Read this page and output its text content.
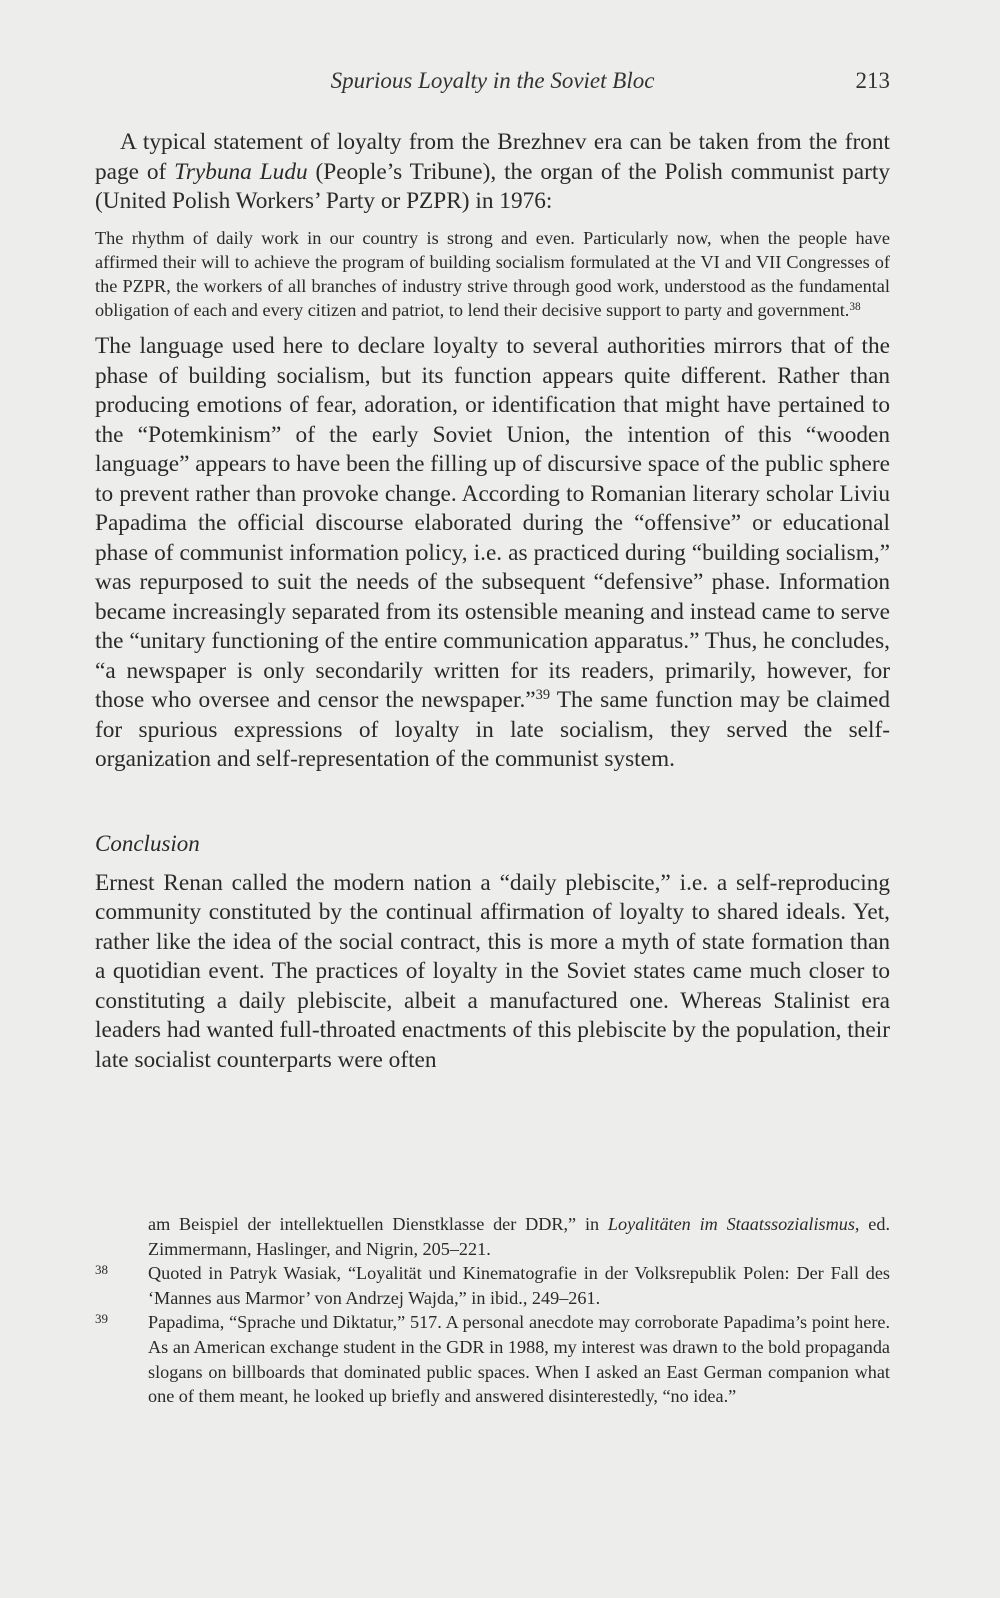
Spurious Loyalty in the Soviet Bloc	213

A typical statement of loyalty from the Brezhnev era can be taken from the front page of Trybuna Ludu (People’s Tribune), the organ of the Polish communist party (United Polish Workers’ Party or PZPR) in 1976:

The rhythm of daily work in our country is strong and even. Particularly now, when the people have affirmed their will to achieve the program of building socialism formulated at the VI and VII Congresses of the PZPR, the workers of all branches of industry strive through good work, understood as the fundamental obligation of each and every citizen and patriot, to lend their decisive support to party and government.$^{38}$

The language used here to declare loyalty to several authorities mirrors that of the phase of building socialism, but its function appears quite different. Rather than producing emotions of fear, adoration, or identification that might have pertained to the “Potemkinism” of the early Soviet Union, the intention of this “wooden language” appears to have been the filling up of discursive space of the public sphere to prevent rather than provoke change. According to Romanian literary scholar Liviu Papadima the official discourse elaborated during the “offensive” or educational phase of communist information policy, i.e. as practiced during “building socialism,” was repurposed to suit the needs of the subsequent “defensive” phase. Information became increasingly separated from its ostensible meaning and instead came to serve the “unitary functioning of the entire communication apparatus.” Thus, he concludes, “a newspaper is only secondarily written for its readers, primarily, however, for those who oversee and censor the newspaper.”$^{39}$ The same function may be claimed for spurious expressions of loyalty in late socialism, they served the self-organization and self-representation of the communist system.

Conclusion

Ernest Renan called the modern nation a “daily plebiscite,” i.e. a self-reproducing community constituted by the continual affirmation of loyalty to shared ideals. Yet, rather like the idea of the social contract, this is more a myth of state formation than a quotidian event. The practices of loyalty in the Soviet states came much closer to constituting a daily plebiscite, albeit a manufactured one. Whereas Stalinist era leaders had wanted full-throated enactments of this plebiscite by the population, their late socialist counterparts were often

am Beispiel der intellektuellen Dienstklasse der DDR,” in Loyalitäten im Staatssozialismus, ed. Zimmermann, Haslinger, and Nigrin, 205–221.

38	Quoted in Patryk Wasiak, “Loyalität und Kinematografie in der Volksrepublik Polen: Der Fall des ‘Mannes aus Marmor’ von Andrzej Wajda,” in ibid., 249–261.

39	Papadima, “Sprache und Diktatur,” 517. A personal anecdote may corroborate Papadima’s point here. As an American exchange student in the GDR in 1988, my interest was drawn to the bold propaganda slogans on billboards that dominated public spaces. When I asked an East German companion what one of them meant, he looked up briefly and answered disinterestedly, “no idea.”
